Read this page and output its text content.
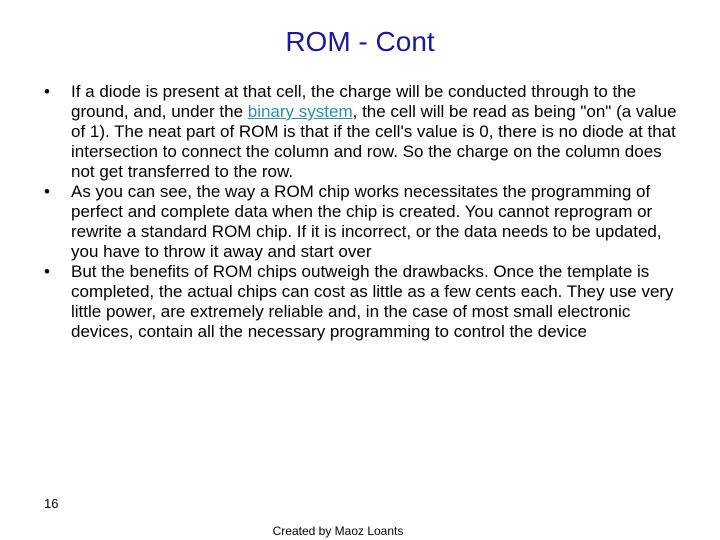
ROM - Cont
• If a diode is present at that cell, the charge will be conducted through to the ground, and, under the binary system, the cell will be read as being "on" (a value of 1). The neat part of ROM is that if the cell's value is 0, there is no diode at that intersection to connect the column and row. So the charge on the column does not get transferred to the row.
• As you can see, the way a ROM chip works necessitates the programming of perfect and complete data when the chip is created. You cannot reprogram or rewrite a standard ROM chip. If it is incorrect, or the data needs to be updated, you have to throw it away and start over
• But the benefits of ROM chips outweigh the drawbacks. Once the template is completed, the actual chips can cost as little as a few cents each. They use very little power, are extremely reliable and, in the case of most small electronic devices, contain all the necessary programming to control the device
16
Created by Maoz Loants
